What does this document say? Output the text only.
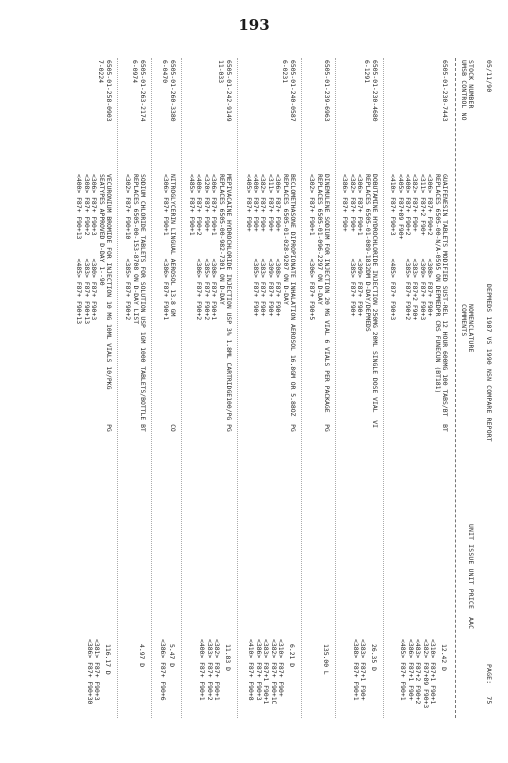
193
05/11/90
DEPMEDS 1987 VS 1990 NSN COMPARE REPORT
PAGE:   75
STOCK NUMBER
UMSB CONTROL NO
NOMENCLATURE
COMMENTS
UNIT ISSUE UNIT PRICE  AAC
6505-01-230-7443
GUAIFENESIN TABLETS MODIFIED SUST-REL 12 HOUR 600MG 100 TABS/BT  BT
REPLACES 6505-00-N/A-0595 ON DEPMEDPR CRS FUNECUN (BT181)
<306> F87+ F90+2      <308> F87+ F90+
<311> F87+2 F90+      <309> F87+ F90+3
<382> F87+ F90+       <383> F87+2 F90+
<400> F87+ F90+2      <385> F87+ F90+2
<405> F87+89 F90+
<410> F87+ F90+3      <485> F87+ F90+3
12.42 D
<310> F87+1 F90+1
<382> F87+89 F90+3
<483> F87+2 F90+2
<386> F87+1 F90+
<485> F87+ F90+1
6505-01-230-4680
6-1291
DOBUTAMINE HYDROCHLORIDE INJECTION 250MG 20ML SINGLE DOSE VIAL  VI
REPLACES 6505-01-089-1832DM D-DAY/DEPMEDS
<306> F87+ F90+1      <309> F87+ F90+
<382> F87+ F90+       <385> F87+ F90+
<386> F87+ F90+
26.35 D
<383> F87+1 F90+
<388> F87+ F90+1
6505-01-239-6963
DINEMULENE SODIUM FOR INJECTION 20 MG VIAL 6 VIALS PER PACKAGE   PG
REPLACES 6505-01-096-2297 ON D-DAY
<302> F87+ F90+1      <306> F87+ F90+5
135.00 L
6505-01-240-0587
6-0231
BECLOMETHASONE DIPROPIONATE INHALATION AEROSOL 16.8GM OR 5.88OZ  PG
REPLACES 6505-01-028-9207 ON D-DAY
<306> F87+ F90+       <308> F87+ F90+
<311> F87+ F90+       <309> F87+ F90+
<382> F87+ F90+       <383> F87+ F90+
<400> F87+ F90+       <385> F87+ F90+
<405> F87+ F90+
6.21 D
<310> F87+ F90+
<382> F87+ F90+1C
<383> F87+1 F90+1
<386> F87+ F90+3
<410> F87+ F90+8
6505-01-242-9149
11-033
MEPIVACAINE HYDROCHLORIDE INJECTION USP 3% 1.8ML CARTRIDGE100/PG PG
REPLACES 6505-00-982-7301 ON D-DAY
<306> F87+ F90+1      <308> F87+ F90+1
<320> F87+ F90+       <385> F87+ F90+2
<400> F87+ F90+2      <386> F87+ F90+2
<485> F87+ F90+1
11.83 D
<382> F87+ F90+1
<383> F87+ F90+2
<400> F87+ F90+1
6505-01-260-3380
6-0470
NITROGLYCERIN LINGUAL AEROSOL 13.8 GM                            CO
<306> F87+ F90+1      <386> F87+ F90+1
5.47 D
<386> F87+ F90+6
6505-01-263-2174
6-0974
SODIUM CHLORIDE TABLETS FOR SOLUTION USP 1GM 1000 TABLETS/BOTTLE BT
REPLACES 6505-00-153-8708 ON D-DAY LIST
<302> F87+ F90+10     <385> F87+ F90+2
4.97 D
6505-01-258-0903
7-0224
VECURONIUM BROMIDE FOR INJECTION 10 MG 10ML VIALS 10/PKG         PG
SEATYPES APPROVED D-DAY 1--90
<306> F87+ F90+3      <380> F87+ F90+3
<308> F87+ F90+2      <383> F87+ F90+13
<400> F87+ F90+13     <485> F87+ F90+13
116.17 D
<381> F87+ F90+3
<386> F87+ F90+30
